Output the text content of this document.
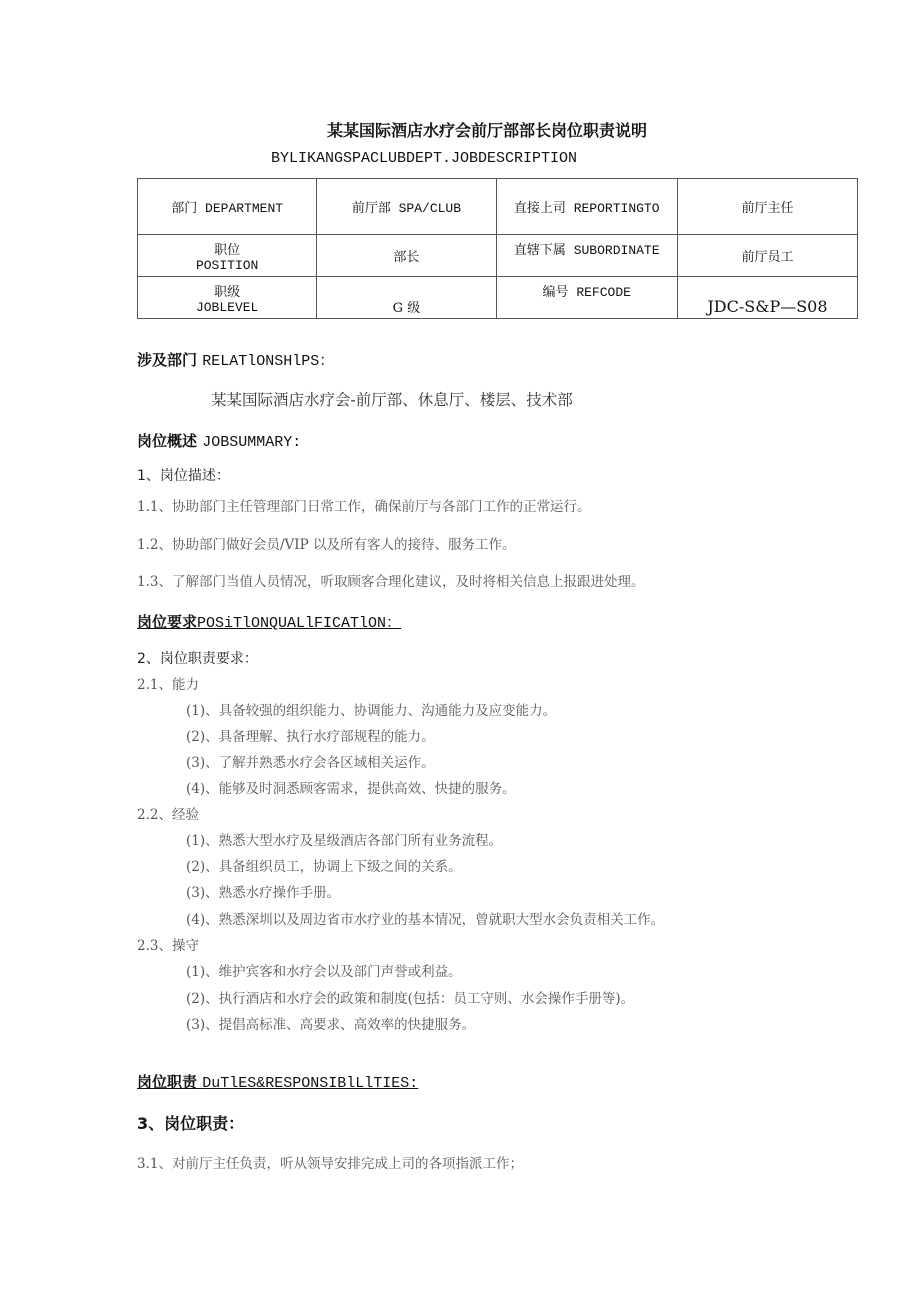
某某国际酒店水疗会前厅部部长岗位职责说明
BYLIKANGSPACLUBDEPT.JOBDESCRIPTION
部门 DEPARTMENT	前厅部 SPA/CLUB	直接上司 REPORTINGTO	前厅主任

职位
POSITION	部长	直辖下属 SUBORDINATE	前厅员工

职级
JOBLEVEL	G 级	编号 REFCODE	JDC-S&P—S08
涉及部门 RELATlONSHlPS：
某某国际酒店水疗会-前厅部、休息厅、楼层、技术部
岗位概述 JOBSUMMARY:
1、岗位描述：
1.1、协助部门主任管理部门日常工作，确保前厅与各部门工作的正常运行。
1.2、协助部门做好会员/VIP 以及所有客人的接待、服务工作。
1.3、了解部门当值人员情况，听取顾客合理化建议，及时将相关信息上报跟进处理。
岗位要求POSiTlONQUALlFICATlON：
2、岗位职责要求：
2.1、能力
(1)、具备较强的组织能力、协调能力、沟通能力及应变能力。
(2)、具备理解、执行水疗部规程的能力。
(3)、了解并熟悉水疗会各区域相关运作。
(4)、能够及时洞悉顾客需求，提供高效、快捷的服务。
2.2、经验
(1)、熟悉大型水疗及星级酒店各部门所有业务流程。
(2)、具备组织员工，协调上下级之间的关系。
(3)、熟悉水疗操作手册。
(4)、熟悉深圳以及周边省市水疗业的基本情况，曾就职大型水会负责相关工作。
2.3、操守
(1)、维护宾客和水疗会以及部门声誉或利益。
(2)、执行酒店和水疗会的政策和制度(包括：员工守则、水会操作手册等)。
(3)、提倡高标准、高要求、高效率的快捷服务。
岗位职责 DuTlES&RESPONSIBlLlTIES:
3、岗位职责：
3.1、对前厅主任负责，听从领导安排完成上司的各项指派工作；
